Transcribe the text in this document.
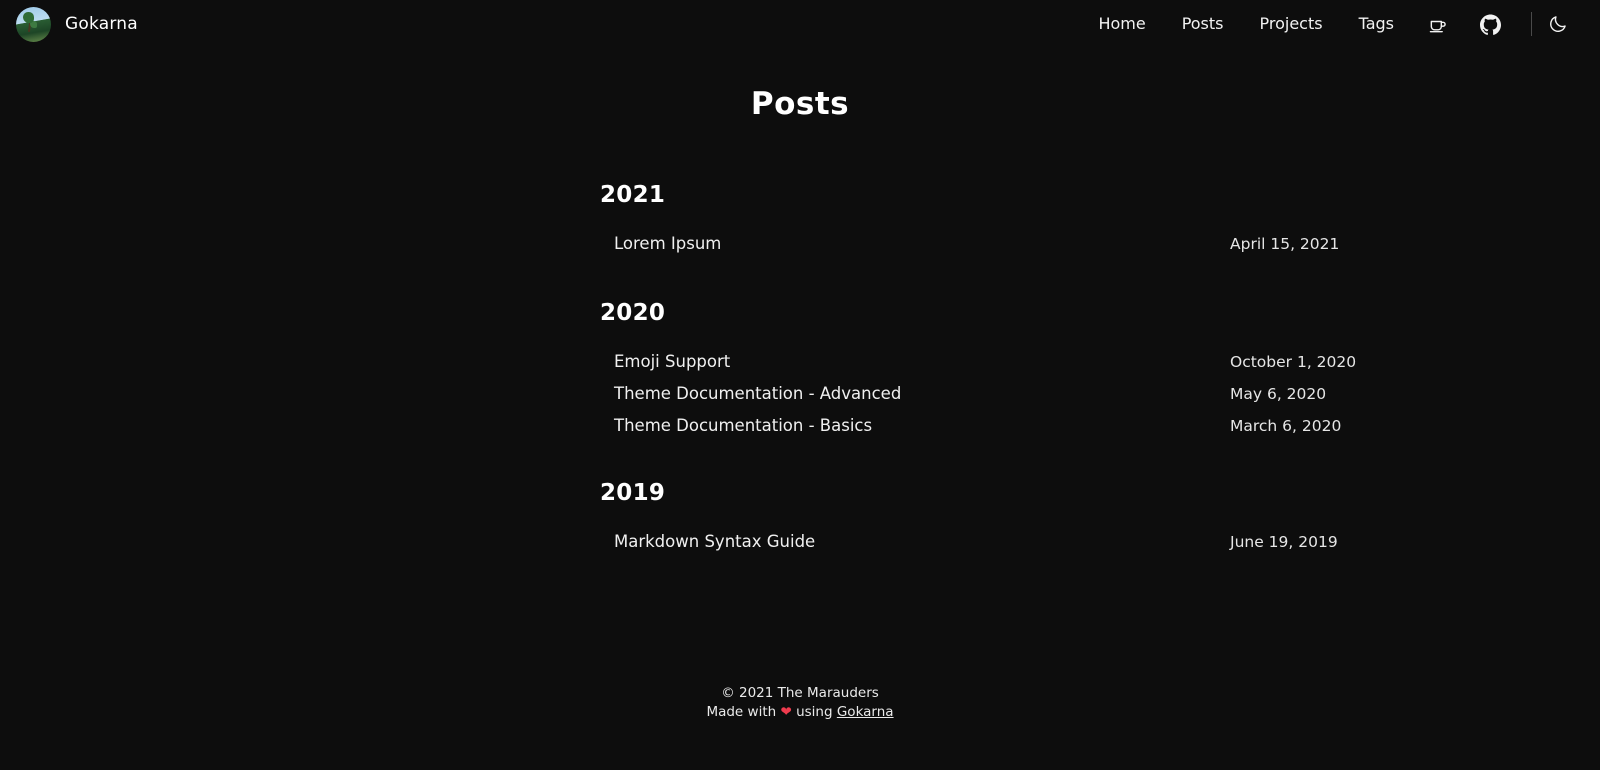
Gokarna	Home	Posts	Projects	Tags
Posts
2021
Lorem Ipsum	April 15, 2021
2020
Emoji Support	October 1, 2020
Theme Documentation - Advanced	May 6, 2020
Theme Documentation - Basics	March 6, 2020
2019
Markdown Syntax Guide	June 19, 2019
© 2021 The Marauders
Made with ❤ using Gokarna
